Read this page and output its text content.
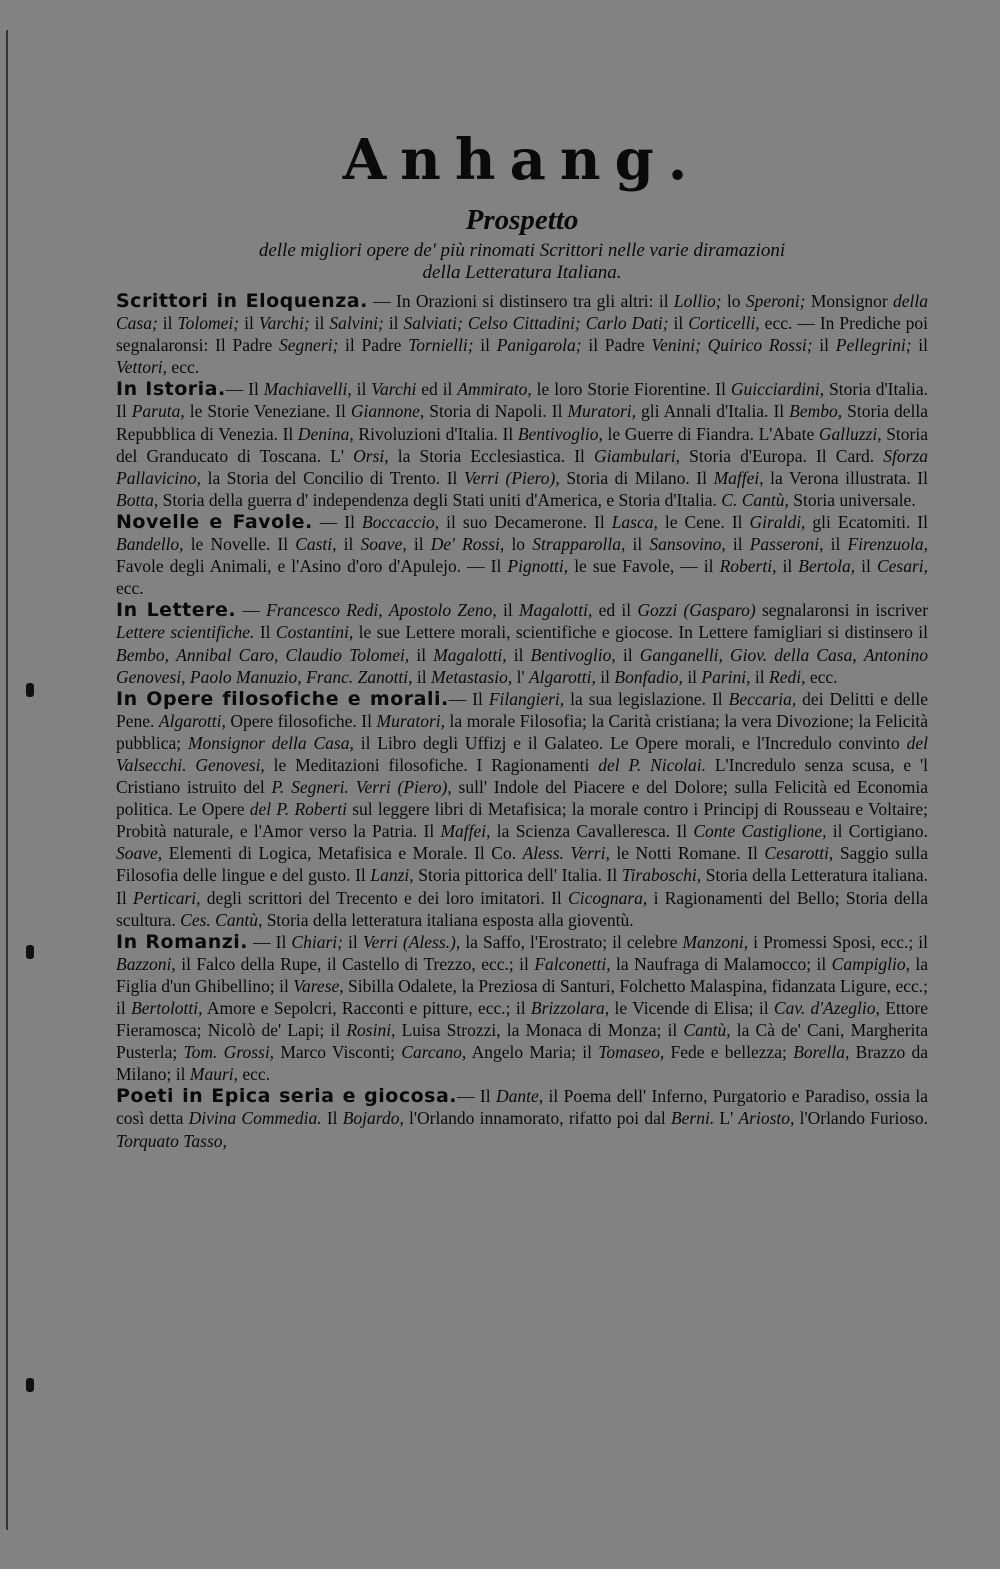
Anhang.
Prospetto
delle migliori opere de' più rinomati Scrittori nelle varie diramazioni
della Letteratura Italiana.

Scrittori in Eloquenza. — In Orazioni si distinsero tra gli altri: il Lollio; lo Speroni; Monsignor della Casa; il Tolomei; il Varchi; il Salvini; il Salviati; Celso Cittadini; Carlo Dati; il Corticelli, ecc. — In Prediche poi segnalaronsi: Il Padre Segneri; il Padre Tornielli; il Panigarola; il Padre Venini; Quirico Rossi; il Pellegrini; il Vettori, ecc.

In Istoria.— Il Machiavelli, il Varchi ed il Ammirato, le loro Storie Fiorentine. Il Guicciardini, Storia d'Italia. Il Paruta, le Storie Veneziane. Il Giannone, Storia di Napoli. Il Muratori, gli Annali d'Italia. Il Bembo, Storia della Repubblica di Venezia. Il Denina, Rivoluzioni d'Italia. Il Bentivoglio, le Guerre di Fiandra. L'Abate Galluzzi, Storia del Granducato di Toscana. L' Orsi, la Storia Ecclesiastica. Il Giambulari, Storia d'Europa. Il Card. Sforza Pallavicino, la Storia del Concilio di Trento. Il Verri (Piero), Storia di Milano. Il Maffei, la Verona illustrata. Il Botta, Storia della guerra d' independenza degli Stati uniti d'America, e Storia d'Italia. C. Cantù, Storia universale.

Novelle e Favole. — Il Boccaccio, il suo Decamerone. Il Lasca, le Cene. Il Giraldi, gli Ecatomiti. Il Bandello, le Novelle. Il Casti, il Soave, il De' Rossi, lo Strapparolla, il Sansovino, il Passeroni, il Firenzuola, Favole degli Animali, e l'Asino d'oro d'Apulejo. — Il Pignotti, le sue Favole, — il Roberti, il Bertola, il Cesari, ecc.

In Lettere. — Francesco Redi, Apostolo Zeno, il Magalotti, ed il Gozzi (Gasparo) segnalaronsi in iscriver Lettere scientifiche. Il Costantini, le sue Lettere morali, scientifiche e giocose. In Lettere famigliari si distinsero il Bembo, Annibal Caro, Claudio Tolomei, il Magalotti, il Bentivoglio, il Ganganelli, Giov. della Casa, Antonino Genovesi, Paolo Manuzio, Franc. Zanotti, il Metastasio, l' Algarotti, il Bonfadio, il Parini, il Redi, ecc.

In Opere filosofiche e morali.— Il Filangieri, la sua legislazione. Il Beccaria, dei Delitti e delle Pene. Algarotti, Opere filosofiche. Il Muratori, la morale Filosofia; la Carità cristiana; la vera Divozione; la Felicità pubblica; Monsignor della Casa, il Libro degli Uffizj e il Galateo. Le Opere morali, e l'Incredulo convinto del Valsecchi. Genovesi, le Meditazioni filosofiche. I Ragionamenti del P. Nicolai. L'Incredulo senza scusa, e 'l Cristiano istruito del P. Segneri. Verri (Piero), sull' Indole del Piacere e del Dolore; sulla Felicità ed Economia politica. Le Opere del P. Roberti sul leggere libri di Metafisica; la morale contro i Principj di Rousseau e Voltaire; Probità naturale, e l'Amor verso la Patria. Il Maffei, la Scienza Cavalleresca. Il Conte Castiglione, il Cortigiano. Soave, Elementi di Logica, Metafisica e Morale. Il Co. Aless. Verri, le Notti Romane. Il Cesarotti, Saggio sulla Filosofia delle lingue e del gusto. Il Lanzi, Storia pittorica dell' Italia. Il Tiraboschi, Storia della Letteratura italiana. Il Perticari, degli scrittori del Trecento e dei loro imitatori. Il Cicognara, i Ragionamenti del Bello; Storia della scultura. Ces. Cantù, Storia della letteratura italiana esposta alla gioventù.

In Romanzi. — Il Chiari; il Verri (Aless.), la Saffo, l'Erostrato; il celebre Manzoni, i Promessi Sposi, ecc.; il Bazzoni, il Falco della Rupe, il Castello di Trezzo, ecc.; il Falconetti, la Naufraga di Malamocco; il Campiglio, la Figlia d'un Ghibellino; il Varese, Sibilla Odalete, la Preziosa di Santuri, Folchetto Malaspina, fidanzata Ligure, ecc.; il Bertolotti, Amore e Sepolcri, Racconti e pitture, ecc.; il Brizzolara, le Vicende di Elisa; il Cav. d'Azeglio, Ettore Fieramosca; Nicolò de' Lapi; il Rosini, Luisa Strozzi, la Monaca di Monza; il Cantù, la Cà de' Cani, Margherita Pusterla; Tom. Grossi, Marco Visconti; Carcano, Angelo Maria; il Tomaseo, Fede e bellezza; Borella, Brazzo da Milano; il Mauri, ecc.

Poeti in Epica seria e giocosa.— Il Dante, il Poema dell' Inferno, Purgatorio e Paradiso, ossia la così detta Divina Commedia. Il Bojardo, l'Orlando innamorato, rifatto poi dal Berni. L' Ariosto, l'Orlando Furioso. Torquato Tasso,
